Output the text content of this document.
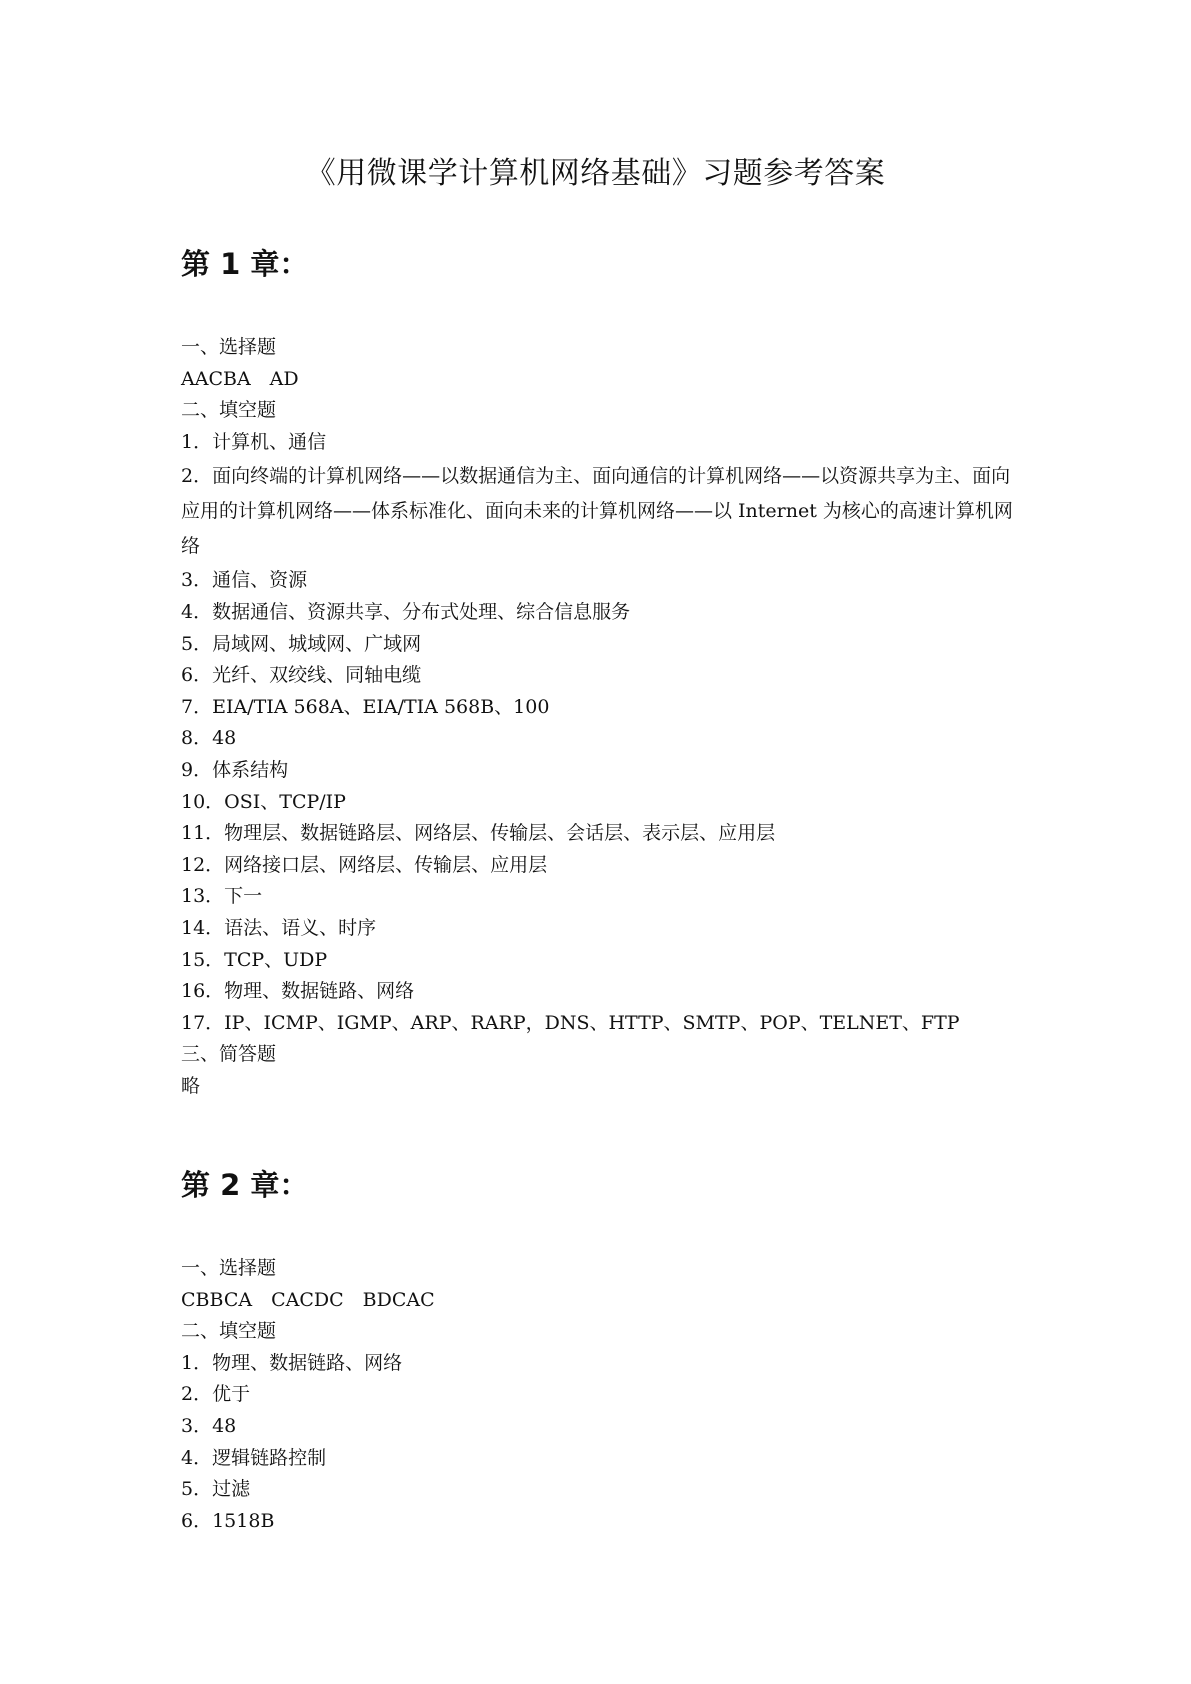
《用微课学计算机网络基础》习题参考答案
第 1 章：
一、选择题
AACBA　AD
二、填空题
1．计算机、通信
2．面向终端的计算机网络——以数据通信为主、面向通信的计算机网络——以资源共享为主、面向应用的计算机网络——体系标准化、面向未来的计算机网络——以 Internet 为核心的高速计算机网络
3．通信、资源
4．数据通信、资源共享、分布式处理、综合信息服务
5．局域网、城域网、广域网
6．光纤、双绞线、同轴电缆
7．EIA/TIA 568A、EIA/TIA 568B、100
8．48
9．体系结构
10．OSI、TCP/IP
11．物理层、数据链路层、网络层、传输层、会话层、表示层、应用层
12．网络接口层、网络层、传输层、应用层
13．下一
14．语法、语义、时序
15．TCP、UDP
16．物理、数据链路、网络
17．IP、ICMP、IGMP、ARP、RARP，DNS、HTTP、SMTP、POP、TELNET、FTP
三、简答题
略
第 2 章：
一、选择题
CBBCA　CACDC　BDCAC
二、填空题
1．物理、数据链路、网络
2．优于
3．48
4．逻辑链路控制
5．过滤
6．1518B
